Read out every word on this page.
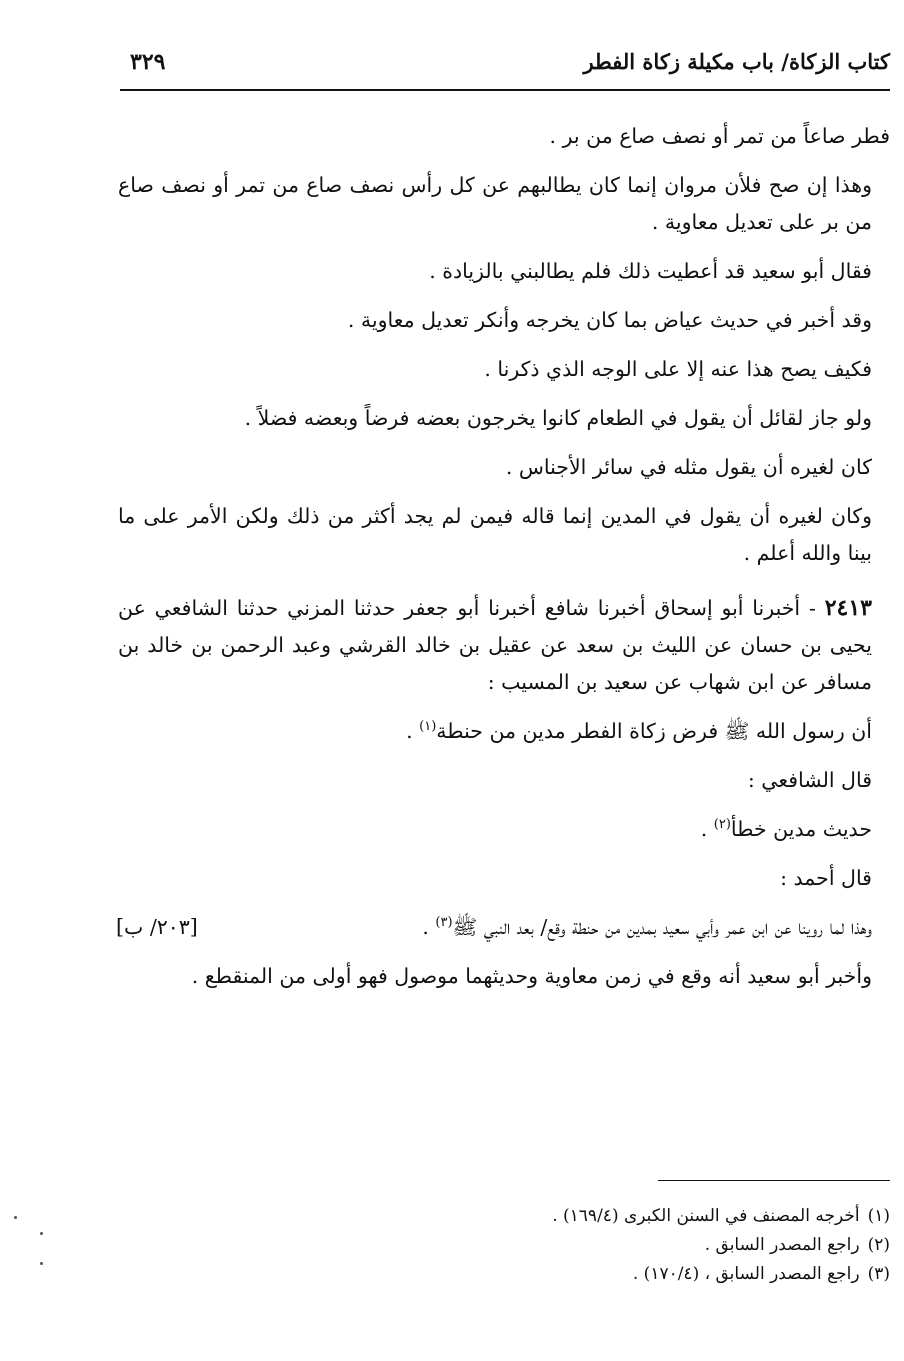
كتاب الزكاة/ باب مكيلة زكاة الفطر
٣٢٩

فطر صاعاً من تمر أو نصف صاع من بر .

وهذا إن صح فلأن مروان إنما كان يطالبهم عن كل رأس نصف صاع من تمر أو نصف صاع من بر على تعديل معاوية .

فقال أبو سعيد قد أعطيت ذلك فلم يطالبني بالزيادة .

وقد أخبر في حديث عياض بما كان يخرجه وأنكر تعديل معاوية .

فكيف يصح هذا عنه إلا على الوجه الذي ذكرنا .

ولو جاز لقائل أن يقول في الطعام كانوا يخرجون بعضه فرضاً وبعضه فضلاً .

كان لغيره أن يقول مثله في سائر الأجناس .

وكان لغيره أن يقول في المدين إنما قاله فيمن لم يجد أكثر من ذلك ولكن الأمر على ما بينا والله أعلم .

٢٤١٣ - أخبرنا أبو إسحاق أخبرنا شافع أخبرنا أبو جعفر حدثنا المزني حدثنا الشافعي عن يحيى بن حسان عن الليث بن سعد عن عقيل بن خالد القرشي وعبد الرحمن بن خالد بن مسافر عن ابن شهاب عن سعيد بن المسيب :

أن رسول الله ﷺ فرض زكاة الفطر مدين من حنطة$^{(١)}$ .

قال الشافعي :

حديث مدين خطأ$^{(٢)}$ .

قال أحمد :

[٢٠٣/ ب]	وهذا لما روينا عن ابن عمر وأبي سعيد بمدين من حنطة وقع/ بعد النبي ﷺ$^{(٣)}$ .

وأخبر أبو سعيد أنه وقع في زمن معاوية وحديثهما موصول فهو أولى من المنقطع .

(١)أخرجه المصنف في السنن الكبرى (١٦٩/٤) .
(٢)راجع المصدر السابق .
(٣)راجع المصدر السابق ، (١٧٠/٤) .
